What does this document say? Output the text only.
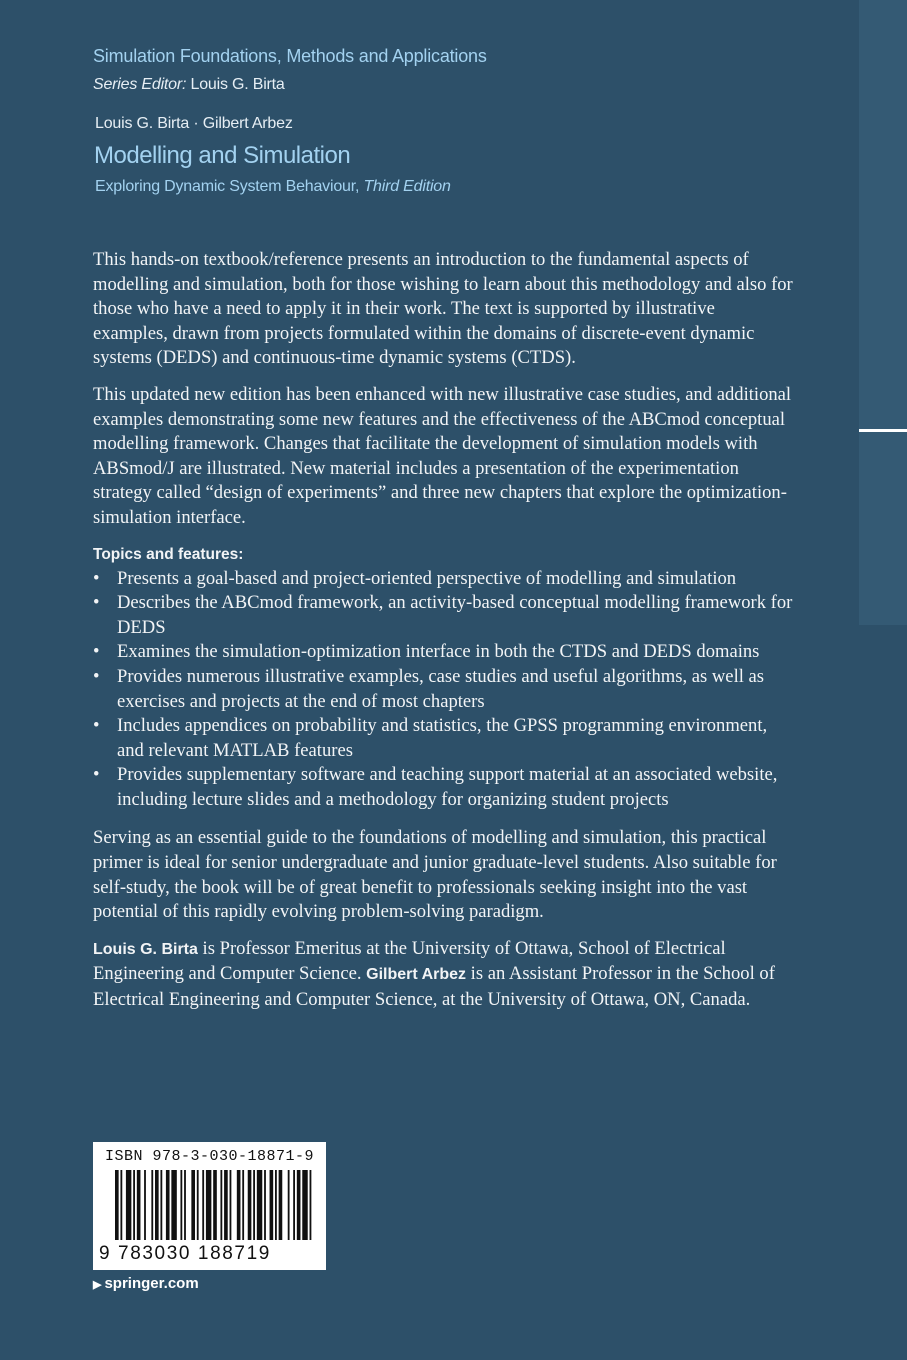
Simulation Foundations, Methods and Applications
Series Editor: Louis G. Birta
Louis G. Birta · Gilbert Arbez
Modelling and Simulation
Exploring Dynamic System Behaviour, Third Edition

This hands-on textbook/reference presents an introduction to the fundamental aspects of modelling and simulation, both for those wishing to learn about this methodology and also for those who have a need to apply it in their work. The text is supported by illustrative examples, drawn from projects formulated within the domains of discrete-event dynamic systems (DEDS) and continuous-time dynamic systems (CTDS).

This updated new edition has been enhanced with new illustrative case studies, and additional examples demonstrating some new features and the effectiveness of the ABCmod conceptual modelling framework. Changes that facilitate the development of simulation models with ABSmod/J are illustrated. New material includes a presentation of the experimentation strategy called “design of experiments” and three new chapters that explore the optimization-simulation interface.

Topics and features:
• Presents a goal-based and project-oriented perspective of modelling and simulation
• Describes the ABCmod framework, an activity-based conceptual modelling framework for DEDS
• Examines the simulation-optimization interface in both the CTDS and DEDS domains
• Provides numerous illustrative examples, case studies and useful algorithms, as well as exercises and projects at the end of most chapters
• Includes appendices on probability and statistics, the GPSS programming environment, and relevant MATLAB features
• Provides supplementary software and teaching support material at an associated website, including lecture slides and a methodology for organizing student projects

Serving as an essential guide to the foundations of modelling and simulation, this practical primer is ideal for senior undergraduate and junior graduate-level students. Also suitable for self-study, the book will be of great benefit to professionals seeking insight into the vast potential of this rapidly evolving problem-solving paradigm.

Louis G. Birta is Professor Emeritus at the University of Ottawa, School of Electrical Engineering and Computer Science. Gilbert Arbez is an Assistant Professor in the School of Electrical Engineering and Computer Science, at the University of Ottawa, ON, Canada.

ISBN 978-3-030-18871-9
9 783030 188719
▶ springer.com
